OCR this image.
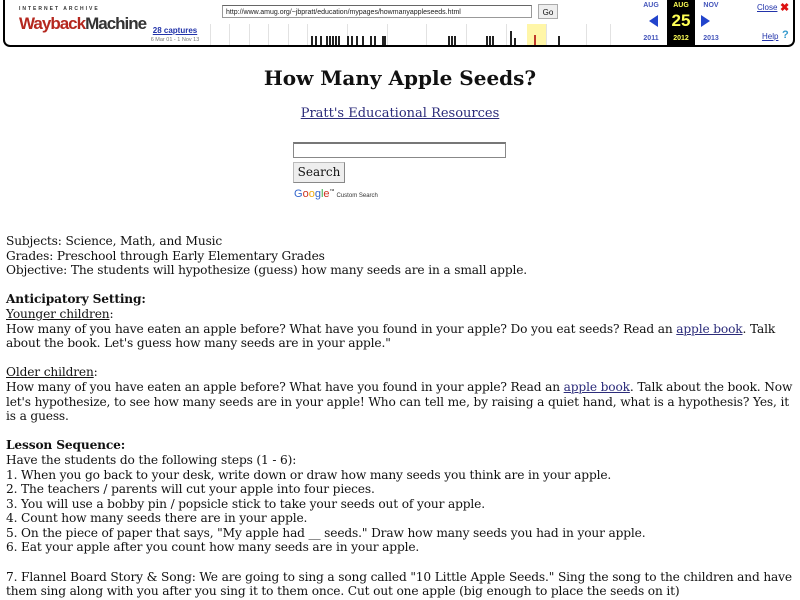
INTERNET ARCHIVE
WaybackMachine 28 captures
6 Mar 01 - 1 Nov 13
http://www.amug.org/~jbpratt/education/mypages/howmanyappleseeds.html	Go
AUG
2011
AUG
25
2012
NOV
2013
Close ✖
Help ?
How Many Apple Seeds?
Pratt's Educational Resources
Search
Google™Custom Search

Subjects: Science, Math, and Music

Grades: Preschool through Early Elementary Grades

Objective: The students will hypothesize (guess) how many seeds are in a small apple.

Anticipatory Setting:

Younger children:

How many of you have eaten an apple before? What have you found in your apple? Do you eat seeds? Read an apple book. Talk about the book. Let's guess how many seeds are in your apple."

Older children:

How many of you have eaten an apple before? What have you found in your apple? Read an apple book. Talk about the book. Now let's hypothesize, to see how many seeds are in your apple! Who can tell me, by raising a quiet hand, what is a hypothesis? Yes, it is a guess.

Lesson Sequence:

Have the students do the following steps (1 - 6):

1. When you go back to your desk, write down or draw how many seeds you think are in your apple.

2. The teachers / parents will cut your apple into four pieces.

3. You will use a bobby pin / popsicle stick to take your seeds out of your apple.

4. Count how many seeds there are in your apple.

5. On the piece of paper that says, "My apple had __ seeds." Draw how many seeds you had in your apple.

6. Eat your apple after you count how many seeds are in your apple.

7. Flannel Board Story & Song: We are going to sing a song called "10 Little Apple Seeds." Sing the song to the children and have them sing along with you after you sing it to them once. Cut out one apple (big enough to place the seeds on it)
